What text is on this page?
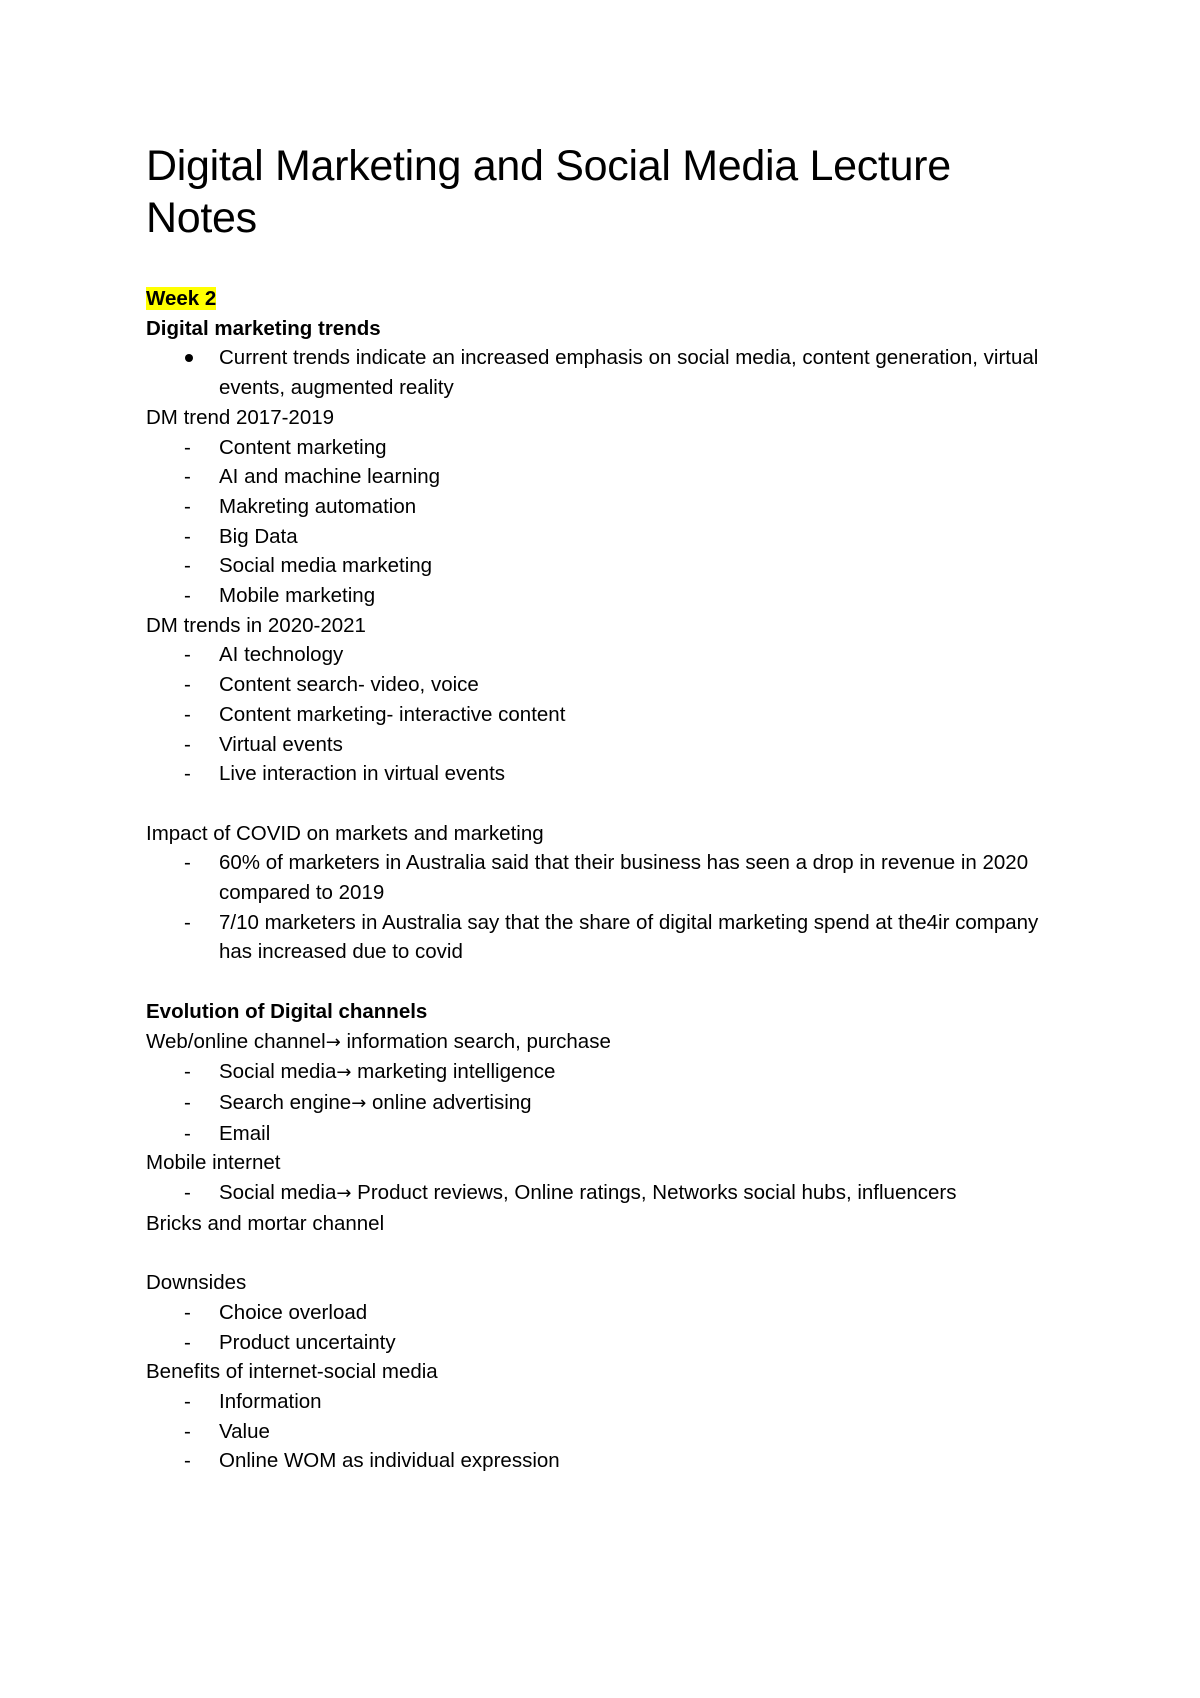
Digital Marketing and Social Media Lecture Notes

Week 2

Digital marketing trends

Current trends indicate an increased emphasis on social media, content generation, virtual events, augmented reality

DM trend 2017-2019

-	Content marketing
-	AI and machine learning
-	Makreting automation
-	Big Data
-	Social media marketing
-	Mobile marketing

DM trends in 2020-2021

-	AI technology
-	Content search- video, voice
-	Content marketing- interactive content
-	Virtual events
-	Live interaction in virtual events

Impact of COVID on markets and marketing

-	60% of marketers in Australia said that their business has seen a drop in revenue in 2020 compared to 2019
-	7/10 marketers in Australia say that the share of digital marketing spend at the4ir company has increased due to covid

Evolution of Digital channels

Web/online channel→ information search, purchase

-	Social media→ marketing intelligence
-	Search engine→ online advertising
-	Email

Mobile internet

-	Social media→ Product reviews, Online ratings, Networks social hubs, influencers

Bricks and mortar channel

Downsides

-	Choice overload
-	Product uncertainty

Benefits of internet-social media

-	Information
-	Value
-	Online WOM as individual expression
